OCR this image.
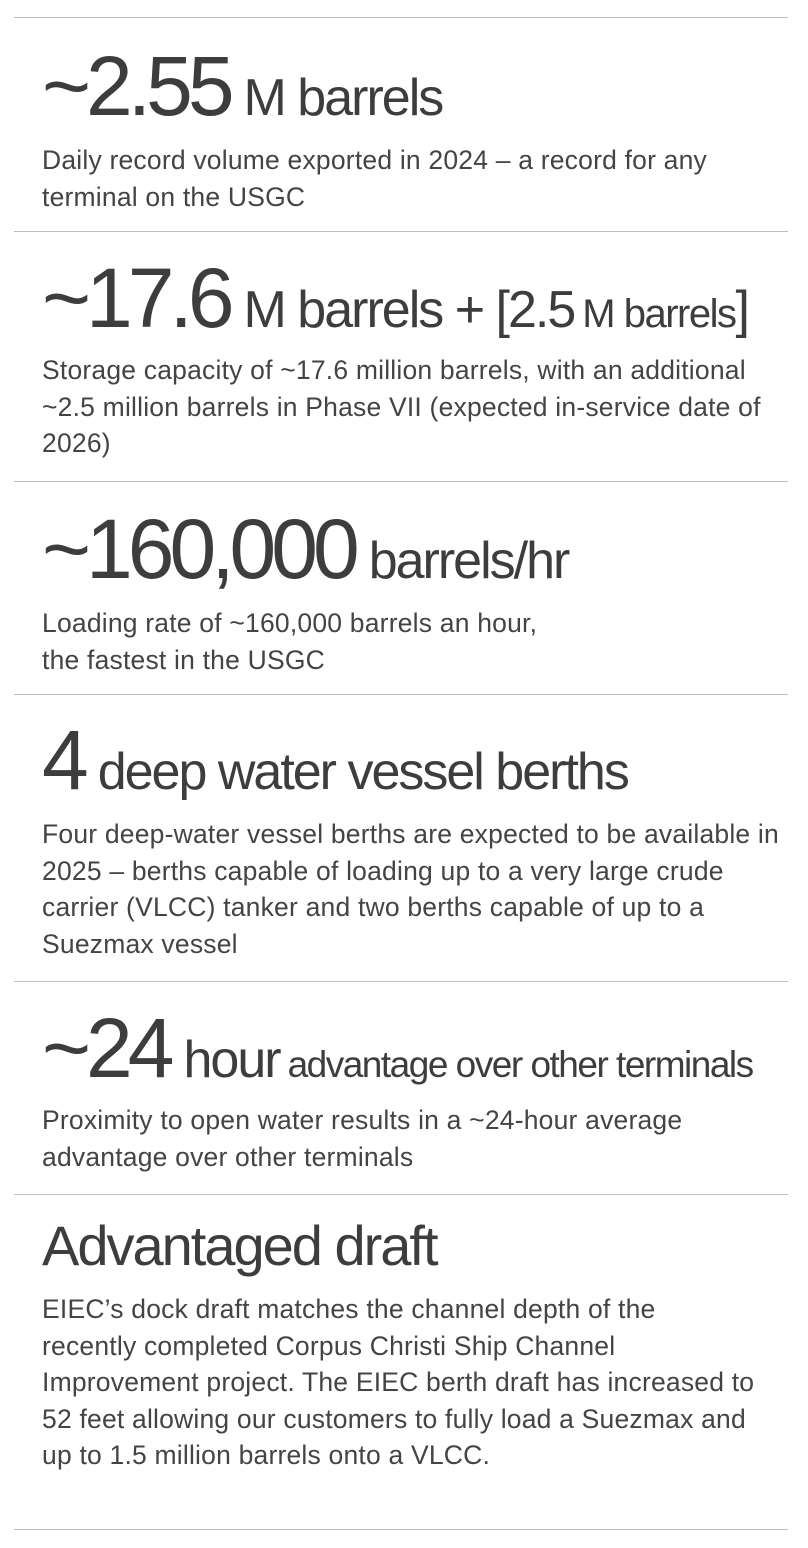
~2.55 M barrels

Daily record volume exported in 2024 – a record for any terminal on the USGC

~17.6 M barrels + [2.5 M barrels]

Storage capacity of ~17.6 million barrels, with an additional ~2.5 million barrels in Phase VII (expected in-service date of 2026)

~160,000 barrels/hr

Loading rate of ~160,000 barrels an hour,
the fastest in the USGC

4 deep water vessel berths

Four deep-water vessel berths are expected to be available in 2025 – berths capable of loading up to a very large crude carrier (VLCC) tanker and two berths capable of up to a Suezmax vessel

~24 hour advantage over other terminals

Proximity to open water results in a ~24-hour average advantage over other terminals

Advantaged draft

EIEC’s dock draft matches the channel depth of the recently completed Corpus Christi Ship Channel Improvement project. The EIEC berth draft has increased to 52 feet allowing our customers to fully load a Suezmax and up to 1.5 million barrels onto a VLCC.
